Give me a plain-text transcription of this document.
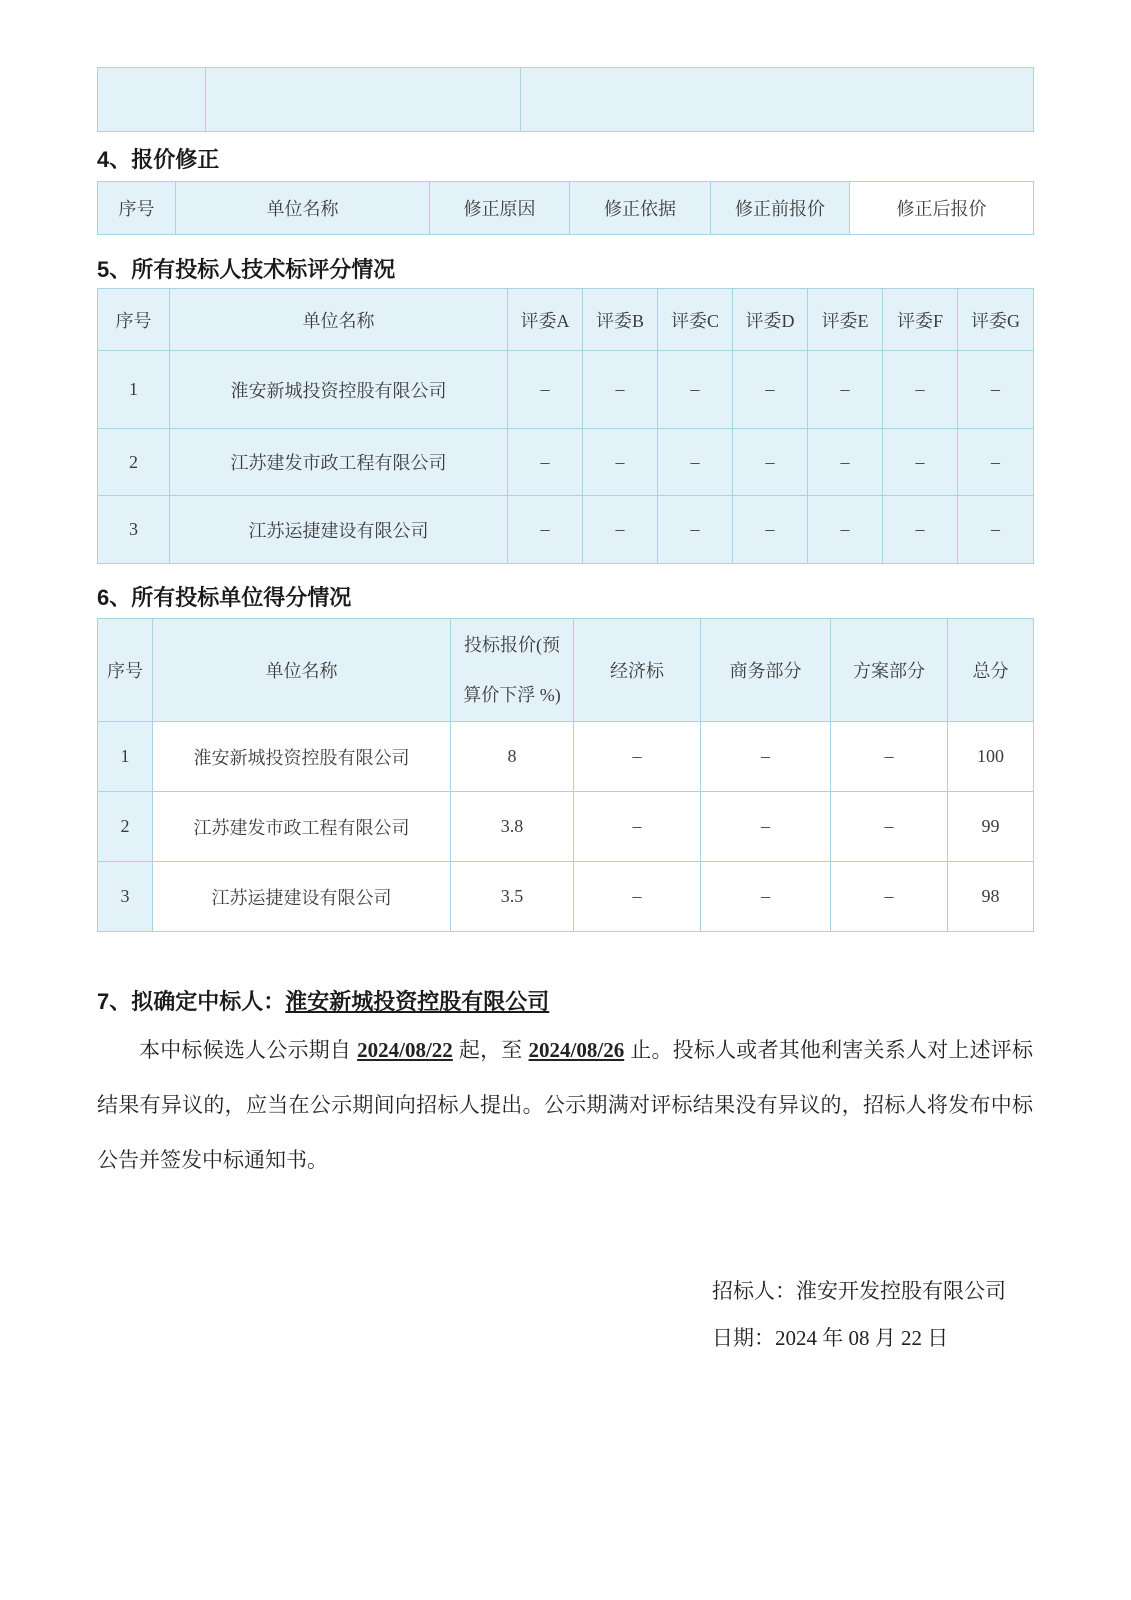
4、报价修正
序号	单位名称	修正原因	修正依据	修正前报价	修正后报价
5、所有投标人技术标评分情况
序号	单位名称	评委A	评委B	评委C	评委D	评委E	评委F	评委G
1	淮安新城投资控股有限公司	–	–	–	–	–	–	–
2	江苏建发市政工程有限公司	–	–	–	–	–	–	–
3	江苏运捷建设有限公司	–	–	–	–	–	–	–
6、所有投标单位得分情况
序号	单位名称	投标报价(预算价下浮 %)	经济标	商务部分	方案部分	总分
1	淮安新城投资控股有限公司	8	–	–	–	100
2	江苏建发市政工程有限公司	3.8	–	–	–	99
3	江苏运捷建设有限公司	3.5	–	–	–	98
7、拟确定中标人：淮安新城投资控股有限公司

本中标候选人公示期自 2024/08/22 起，至 2024/08/26 止。投标人或者其他利害关系人对上述评标结果有异议的，应当在公示期间向招标人提出。公示期满对评标结果没有异议的，招标人将发布中标公告并签发中标通知书。

招标人：淮安开发控股有限公司
日期：2024 年 08 月 22 日
